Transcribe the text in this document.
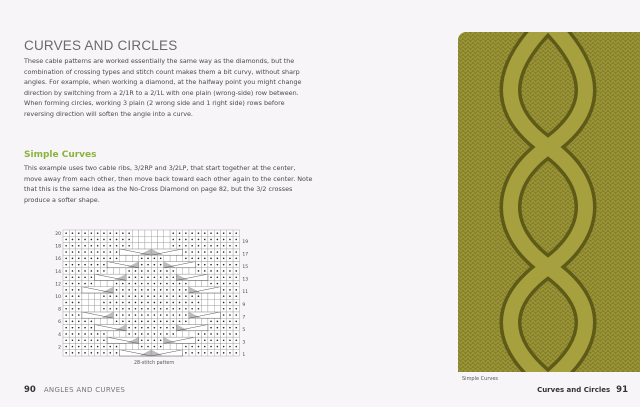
CURVES AND CIRCLES
These cable patterns are worked essentially the same way as the diamonds, but the combination of crossing types and stitch count makes them a bit curvy, without sharp angles. For example, when working a diamond, at the halfway point you might change direction by switching from a 2/1R to a 2/1L with one plain (wrong-side) row between. When forming circles, working 3 plain (2 wrong side and 1 right side) rows before reversing direction will soften the angle into a curve.
Simple Curves
This example uses two cable ribs, 3/2RP and 3/2LP, that start together at the center, move away from each other, then move back toward each other again to the center. Note that this is the same idea as the No-Cross Diamond on page 82, but the 3/2 crosses produce a softer shape.
20
18
16
14
12
10
8
6
4
2
19
17
15
13
11
9
7
5
3
1
28-stitch pattern
Simple Curves
90 ANGLES AND CURVES	Curves and Circles 91
